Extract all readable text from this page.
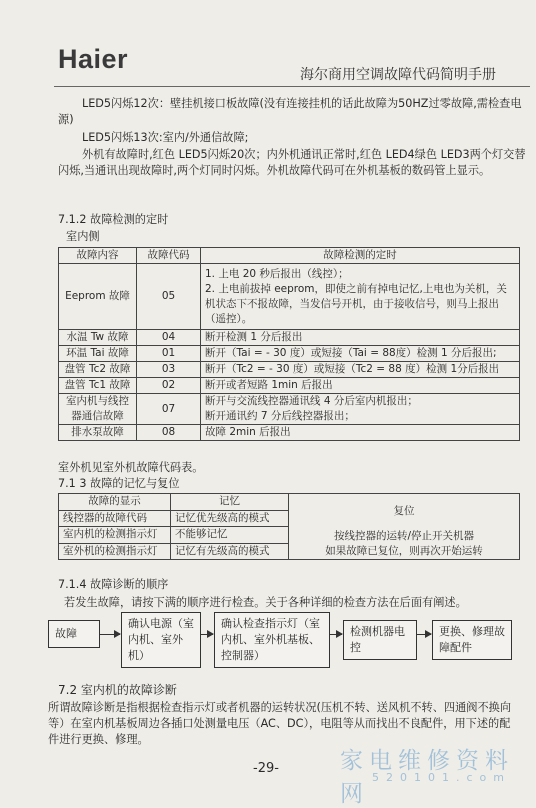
Haier
海尔商用空调故障代码简明手册
LED5闪烁12次：壁挂机接口板故障(没有连接挂机的话此故障为50HZ过零故障,需检查电源)
LED5闪烁13次:室内/外通信故障;
外机有故障时,红色 LED5闪烁20次；内外机通讯正常时,红色 LED4绿色 LED3两个灯交替闪烁,当通讯出现故障时,两个灯同时闪烁。外机故障代码可在外机基板的数码管上显示。
7.1.2 故障检测的定时
室内侧
故障内容	故障代码	故障检测的定时
Eeprom 故障	05	1. 上电 20 秒后报出（线控）；
2. 上电前拔掉 eeprom，即使之前有掉电记忆,上电也为关机，关机状态下不报故障，当发信号开机，由于接收信号，则马上报出（遥控）。

水温 Tw 故障	04	断开检测 1 分后报出
环温 Tai 故障	01	断开（Tai = - 30 度）或短接（Tai = 88度）检测 1 分后报出;
盘管 Tc2 故障	03	断开（Tc2 = - 30 度）或短接（Tc2 = 88 度）检测 1分后报出
盘管 Tc1 故障	02	断开或者短路 1min 后报出
室内机与线控器通信故障	07	断开与交流线控器通讯线 4 分后室内机报出；
断开通讯约 7 分后线控器报出；

排水泵故障	08	故障 2min 后报出
室外机见室外机故障代码表。
7.1 3 故障的记忆与复位
故障的显示	记忆	复位
按线控器的运转/停止开关机器
如果故障已复位，则再次开始运转

线控器的故障代码	记忆优先级高的模式	
室内机的检测指示灯	不能够记忆	
室外机的检测指示灯	记忆有先级高的模式	
7.1.4 故障诊断的顺序
若发生故障，请按下满的顺序进行检查。关于各种详细的检查方法在后面有阐述。
故障
确认电源（室内机、室外机）
确认检查指示灯（室内机、室外机基板、控制器）
检测机器电控
更换、修理故障配件
7.2 室内机的故障诊断
所谓故障诊断是指根据检查指示灯或者机器的运转状况(压机不转、送风机不转、四通阀不换向等）在室内机基板周边各插口处测量电压（AC、DC），电阻等从而找出不良配件，用下述的配件进行更换、修理。
-29-	家电维修资料网
520101.com
